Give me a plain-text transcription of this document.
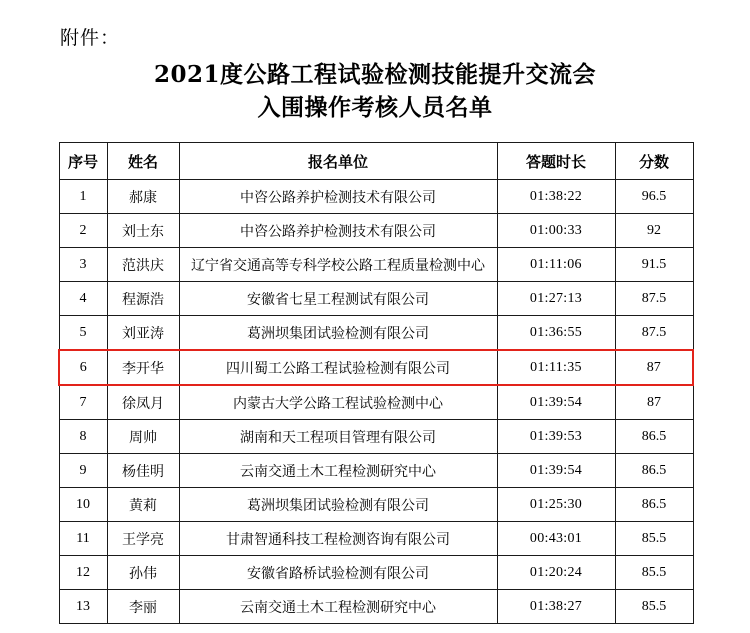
附件：
2021度公路工程试验检测技能提升交流会
入围操作考核人员名单
序号	姓名	报名单位	答题时长	分数
1	郝康	中咨公路养护检测技术有限公司	01:38:22	96.5
2	刘士东	中咨公路养护检测技术有限公司	01:00:33	92
3	范洪庆	辽宁省交通高等专科学校公路工程质量检测中心	01:11:06	91.5
4	程源浩	安徽省七星工程测试有限公司	01:27:13	87.5
5	刘亚涛	葛洲坝集团试验检测有限公司	01:36:55	87.5
6	李开华	四川蜀工公路工程试验检测有限公司	01:11:35	87
7	徐凤月	内蒙古大学公路工程试验检测中心	01:39:54	87
8	周帅	湖南和天工程项目管理有限公司	01:39:53	86.5
9	杨佳明	云南交通土木工程检测研究中心	01:39:54	86.5
10	黄莉	葛洲坝集团试验检测有限公司	01:25:30	86.5
11	王学亮	甘肃智通科技工程检测咨询有限公司	00:43:01	85.5
12	孙伟	安徽省路桥试验检测有限公司	01:20:24	85.5
13	李丽	云南交通土木工程检测研究中心	01:38:27	85.5
